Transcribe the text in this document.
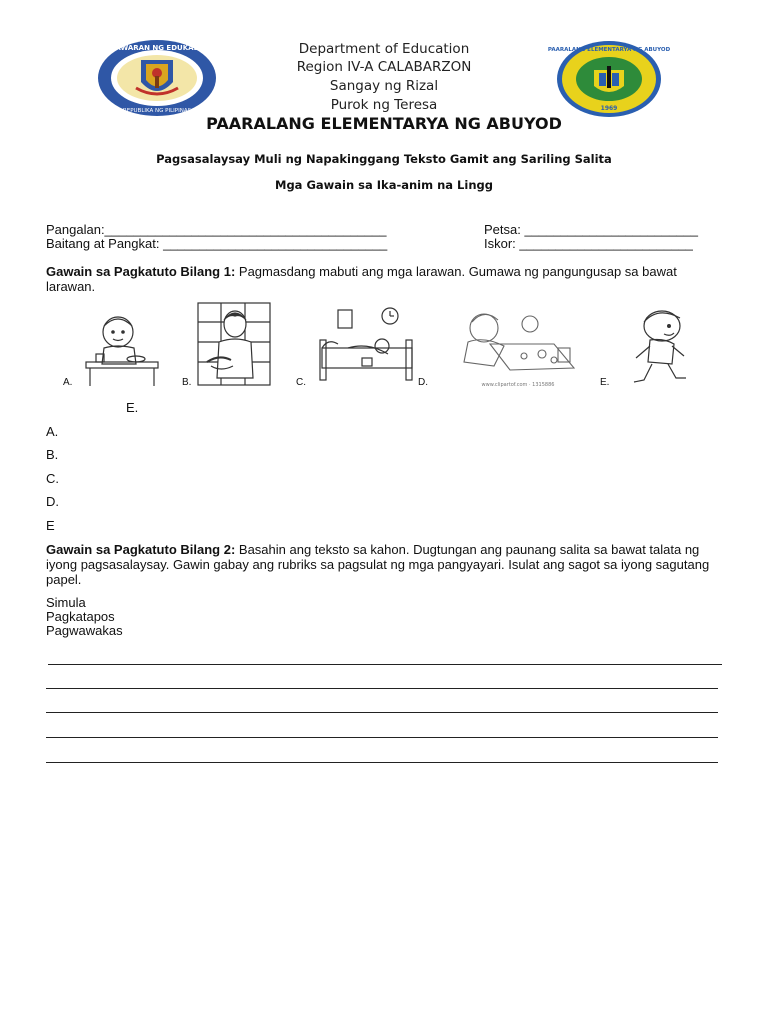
KAGAWARAN NG EDUKASYON
REPUBLIKA NG PILIPINAS
PAARALANG ELEMENTARYA NG ABUYOD
1969
Department of Education
Region IV-A CALABARZON
Sangay ng Rizal
Purok ng Teresa
PAARALANG ELEMENTARYA NG ABUYOD
Pagsasalaysay Muli ng Napakinggang Teksto Gamit ang Sariling Salita
Mga Gawain sa Ika-anim na Lingg
Pangalan:_______________________________________
Baitang at Pangkat: _______________________________
Petsa: ________________________
Iskor: ________________________
Gawain sa Pagkatuto Bilang 1: Pagmasdang mabuti ang mga larawan. Gumawa ng pangungusap sa bawat larawan.
A.	B.	C.	www.clipartof.com · 1315886
D.	E.
E.
A.
B.
C.
D.
E
Gawain sa Pagkatuto Bilang 2: Basahin ang teksto sa kahon. Dugtungan ang paunang salita sa bawat talata ng iyong pagsasalaysay. Gawin gabay ang rubriks sa pagsulat ng mga pangyayari. Isulat ang sagot sa iyong sagutang papel.
Simula
Pagkatapos
Pagwawakas
